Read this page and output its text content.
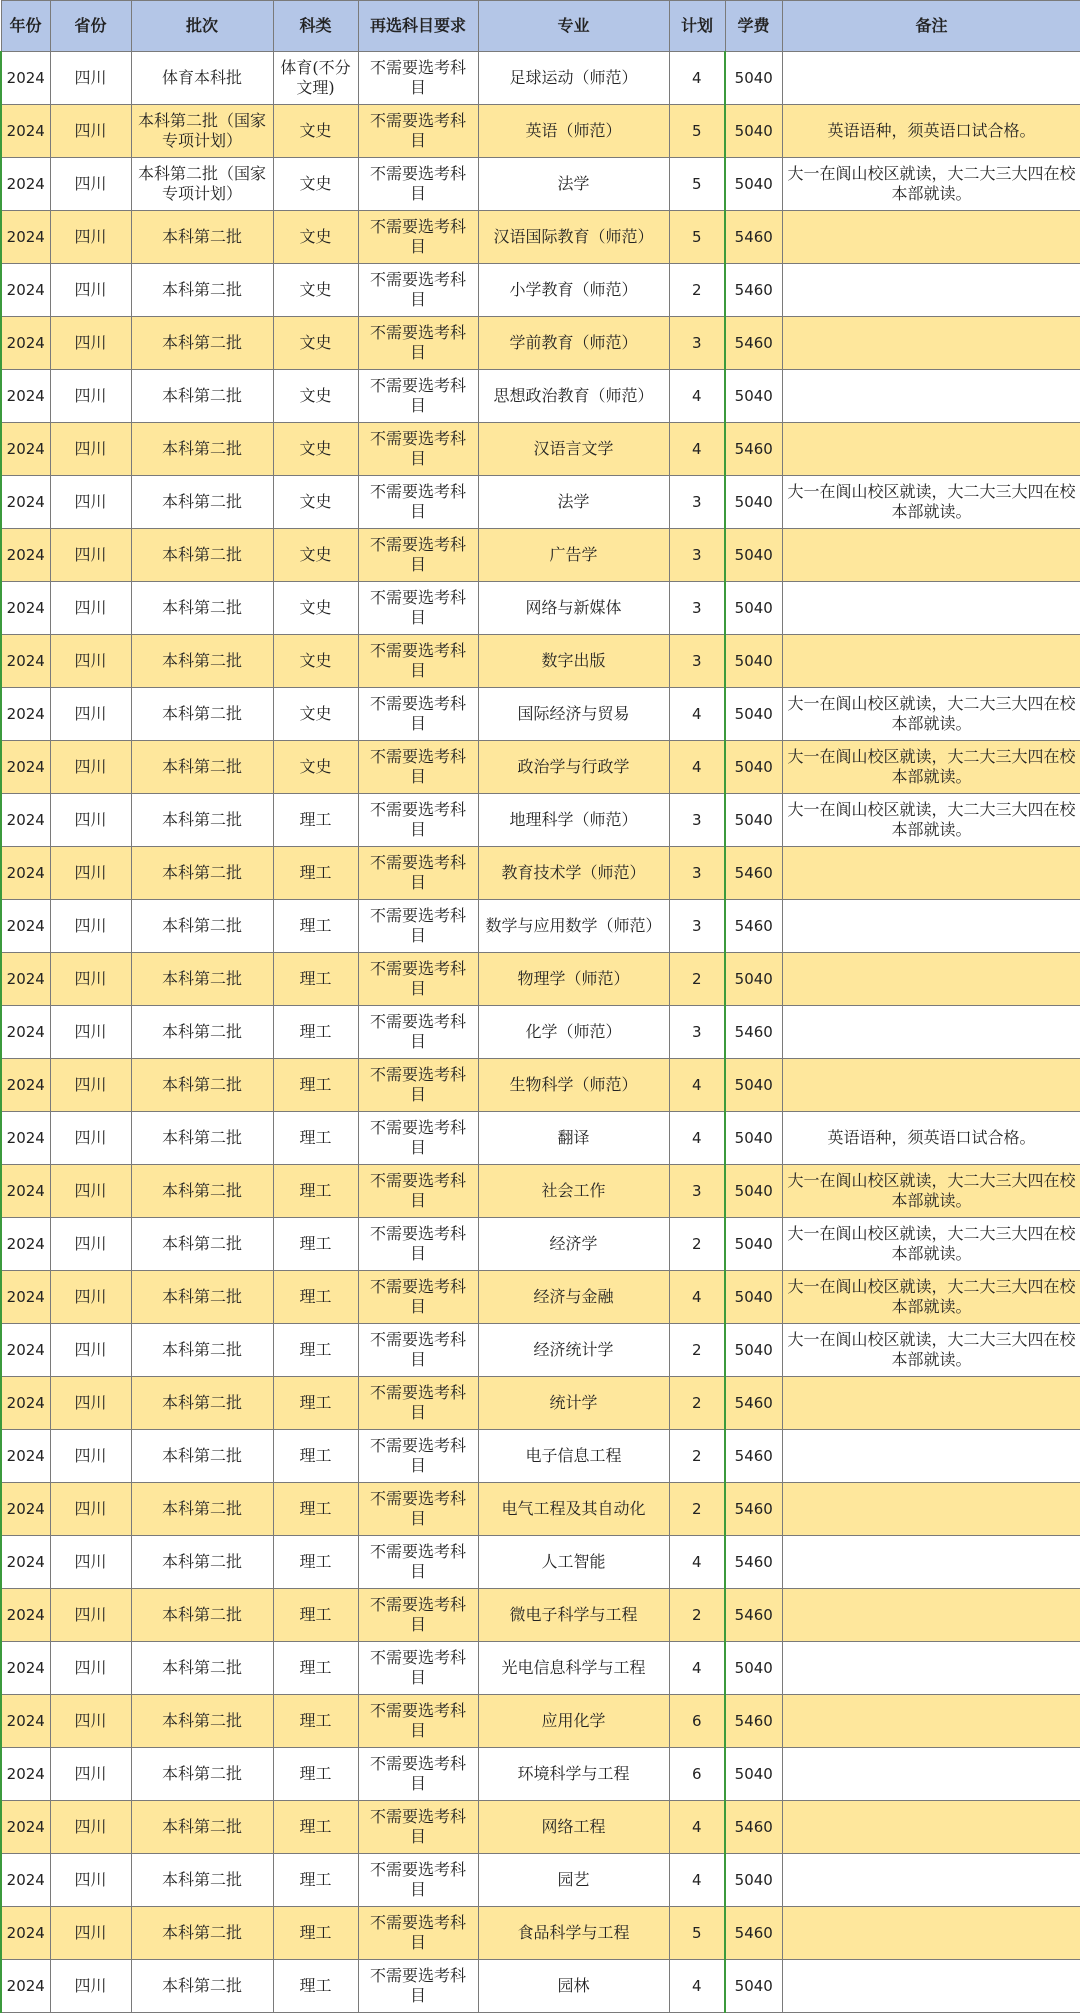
年份	省份	批次	科类	再选科目要求	专业	计划	学费	备注
2024	四川	体育本科批	体育(不分文理)	不需要选考科目	足球运动（师范）	4	5040	
2024	四川	本科第二批（国家专项计划）	文史	不需要选考科目	英语（师范）	5	5040	英语语种，须英语口试合格。
2024	四川	本科第二批（国家专项计划）	文史	不需要选考科目	法学	5	5040	大一在阆山校区就读，大二大三大四在校本部就读。
2024	四川	本科第二批	文史	不需要选考科目	汉语国际教育（师范）	5	5460	
2024	四川	本科第二批	文史	不需要选考科目	小学教育（师范）	2	5460	
2024	四川	本科第二批	文史	不需要选考科目	学前教育（师范）	3	5460	
2024	四川	本科第二批	文史	不需要选考科目	思想政治教育（师范）	4	5040	
2024	四川	本科第二批	文史	不需要选考科目	汉语言文学	4	5460	
2024	四川	本科第二批	文史	不需要选考科目	法学	3	5040	大一在阆山校区就读，大二大三大四在校本部就读。
2024	四川	本科第二批	文史	不需要选考科目	广告学	3	5040	
2024	四川	本科第二批	文史	不需要选考科目	网络与新媒体	3	5040	
2024	四川	本科第二批	文史	不需要选考科目	数字出版	3	5040	
2024	四川	本科第二批	文史	不需要选考科目	国际经济与贸易	4	5040	大一在阆山校区就读，大二大三大四在校本部就读。
2024	四川	本科第二批	文史	不需要选考科目	政治学与行政学	4	5040	大一在阆山校区就读，大二大三大四在校本部就读。
2024	四川	本科第二批	理工	不需要选考科目	地理科学（师范）	3	5040	大一在阆山校区就读，大二大三大四在校本部就读。
2024	四川	本科第二批	理工	不需要选考科目	教育技术学（师范）	3	5460	
2024	四川	本科第二批	理工	不需要选考科目	数学与应用数学（师范）	3	5460	
2024	四川	本科第二批	理工	不需要选考科目	物理学（师范）	2	5040	
2024	四川	本科第二批	理工	不需要选考科目	化学（师范）	3	5460	
2024	四川	本科第二批	理工	不需要选考科目	生物科学（师范）	4	5040	
2024	四川	本科第二批	理工	不需要选考科目	翻译	4	5040	英语语种，须英语口试合格。
2024	四川	本科第二批	理工	不需要选考科目	社会工作	3	5040	大一在阆山校区就读，大二大三大四在校本部就读。
2024	四川	本科第二批	理工	不需要选考科目	经济学	2	5040	大一在阆山校区就读，大二大三大四在校本部就读。
2024	四川	本科第二批	理工	不需要选考科目	经济与金融	4	5040	大一在阆山校区就读，大二大三大四在校本部就读。
2024	四川	本科第二批	理工	不需要选考科目	经济统计学	2	5040	大一在阆山校区就读，大二大三大四在校本部就读。
2024	四川	本科第二批	理工	不需要选考科目	统计学	2	5460	
2024	四川	本科第二批	理工	不需要选考科目	电子信息工程	2	5460	
2024	四川	本科第二批	理工	不需要选考科目	电气工程及其自动化	2	5460	
2024	四川	本科第二批	理工	不需要选考科目	人工智能	4	5460	
2024	四川	本科第二批	理工	不需要选考科目	微电子科学与工程	2	5460	
2024	四川	本科第二批	理工	不需要选考科目	光电信息科学与工程	4	5040	
2024	四川	本科第二批	理工	不需要选考科目	应用化学	6	5460	
2024	四川	本科第二批	理工	不需要选考科目	环境科学与工程	6	5040	
2024	四川	本科第二批	理工	不需要选考科目	网络工程	4	5460	
2024	四川	本科第二批	理工	不需要选考科目	园艺	4	5040	
2024	四川	本科第二批	理工	不需要选考科目	食品科学与工程	5	5460	
2024	四川	本科第二批	理工	不需要选考科目	园林	4	5040	
